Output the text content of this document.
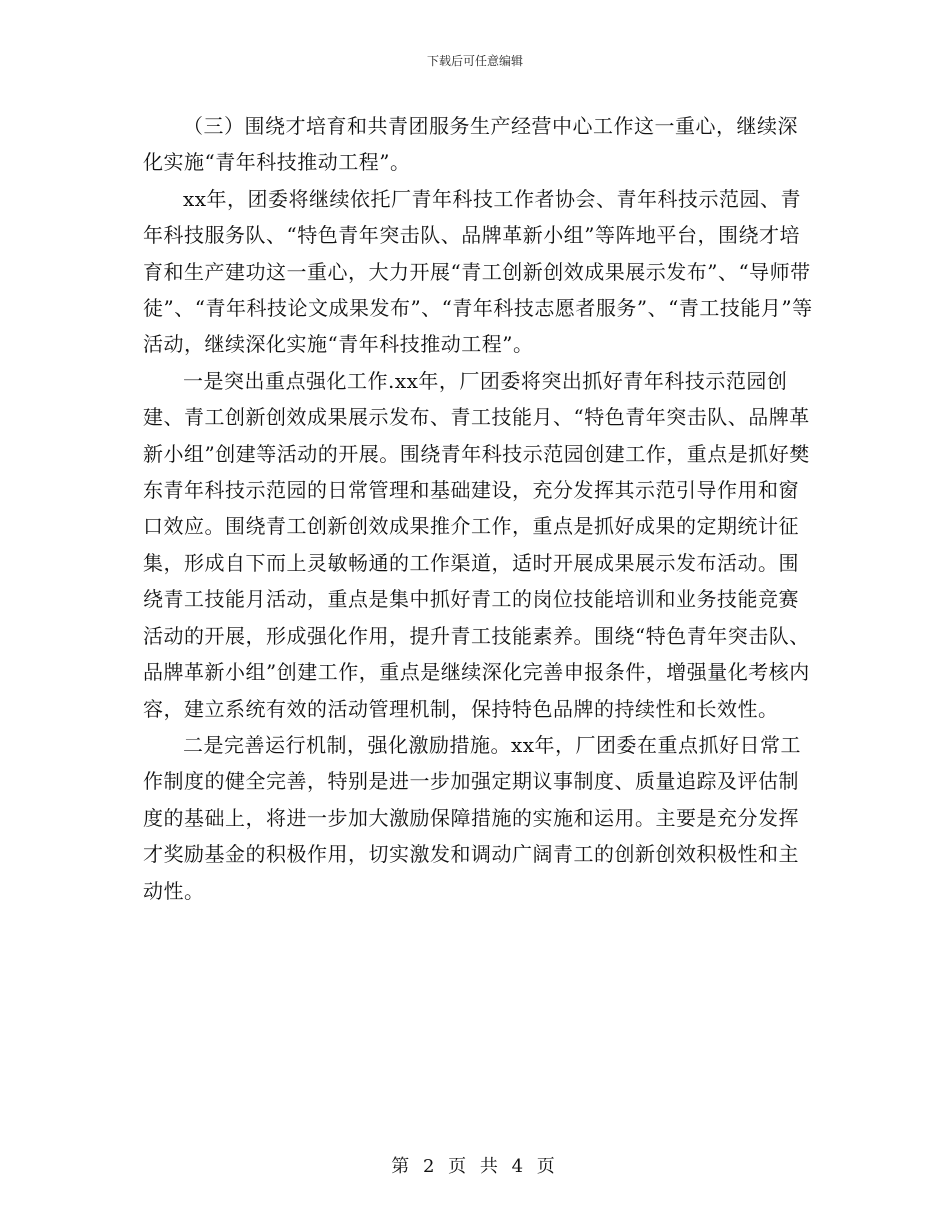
下载后可任意编辑

（三）围绕才培育和共青团服务生产经营中心工作这一重心，继续深化实施“青年科技推动工程”。

xx年，团委将继续依托厂青年科技工作者协会、青年科技示范园、青年科技服务队、“特色青年突击队、品牌革新小组”等阵地平台，围绕才培育和生产建功这一重心，大力开展“青工创新创效成果展示发布”、“导师带徒”、“青年科技论文成果发布”、“青年科技志愿者服务”、“青工技能月”等活动，继续深化实施“青年科技推动工程”。

一是突出重点强化工作.xx年，厂团委将突出抓好青年科技示范园创建、青工创新创效成果展示发布、青工技能月、“特色青年突击队、品牌革新小组”创建等活动的开展。围绕青年科技示范园创建工作，重点是抓好樊东青年科技示范园的日常管理和基础建设，充分发挥其示范引导作用和窗口效应。围绕青工创新创效成果推介工作，重点是抓好成果的定期统计征集，形成自下而上灵敏畅通的工作渠道，适时开展成果展示发布活动。围绕青工技能月活动，重点是集中抓好青工的岗位技能培训和业务技能竞赛活动的开展，形成强化作用，提升青工技能素养。围绕“特色青年突击队、品牌革新小组”创建工作，重点是继续深化完善申报条件，增强量化考核内容，建立系统有效的活动管理机制，保持特色品牌的持续性和长效性。

二是完善运行机制，强化激励措施。xx年，厂团委在重点抓好日常工作制度的健全完善，特别是进一步加强定期议事制度、质量追踪及评估制度的基础上，将进一步加大激励保障措施的实施和运用。主要是充分发挥才奖励基金的积极作用，切实激发和调动广阔青工的创新创效积极性和主动性。

第 2 页 共 4 页
